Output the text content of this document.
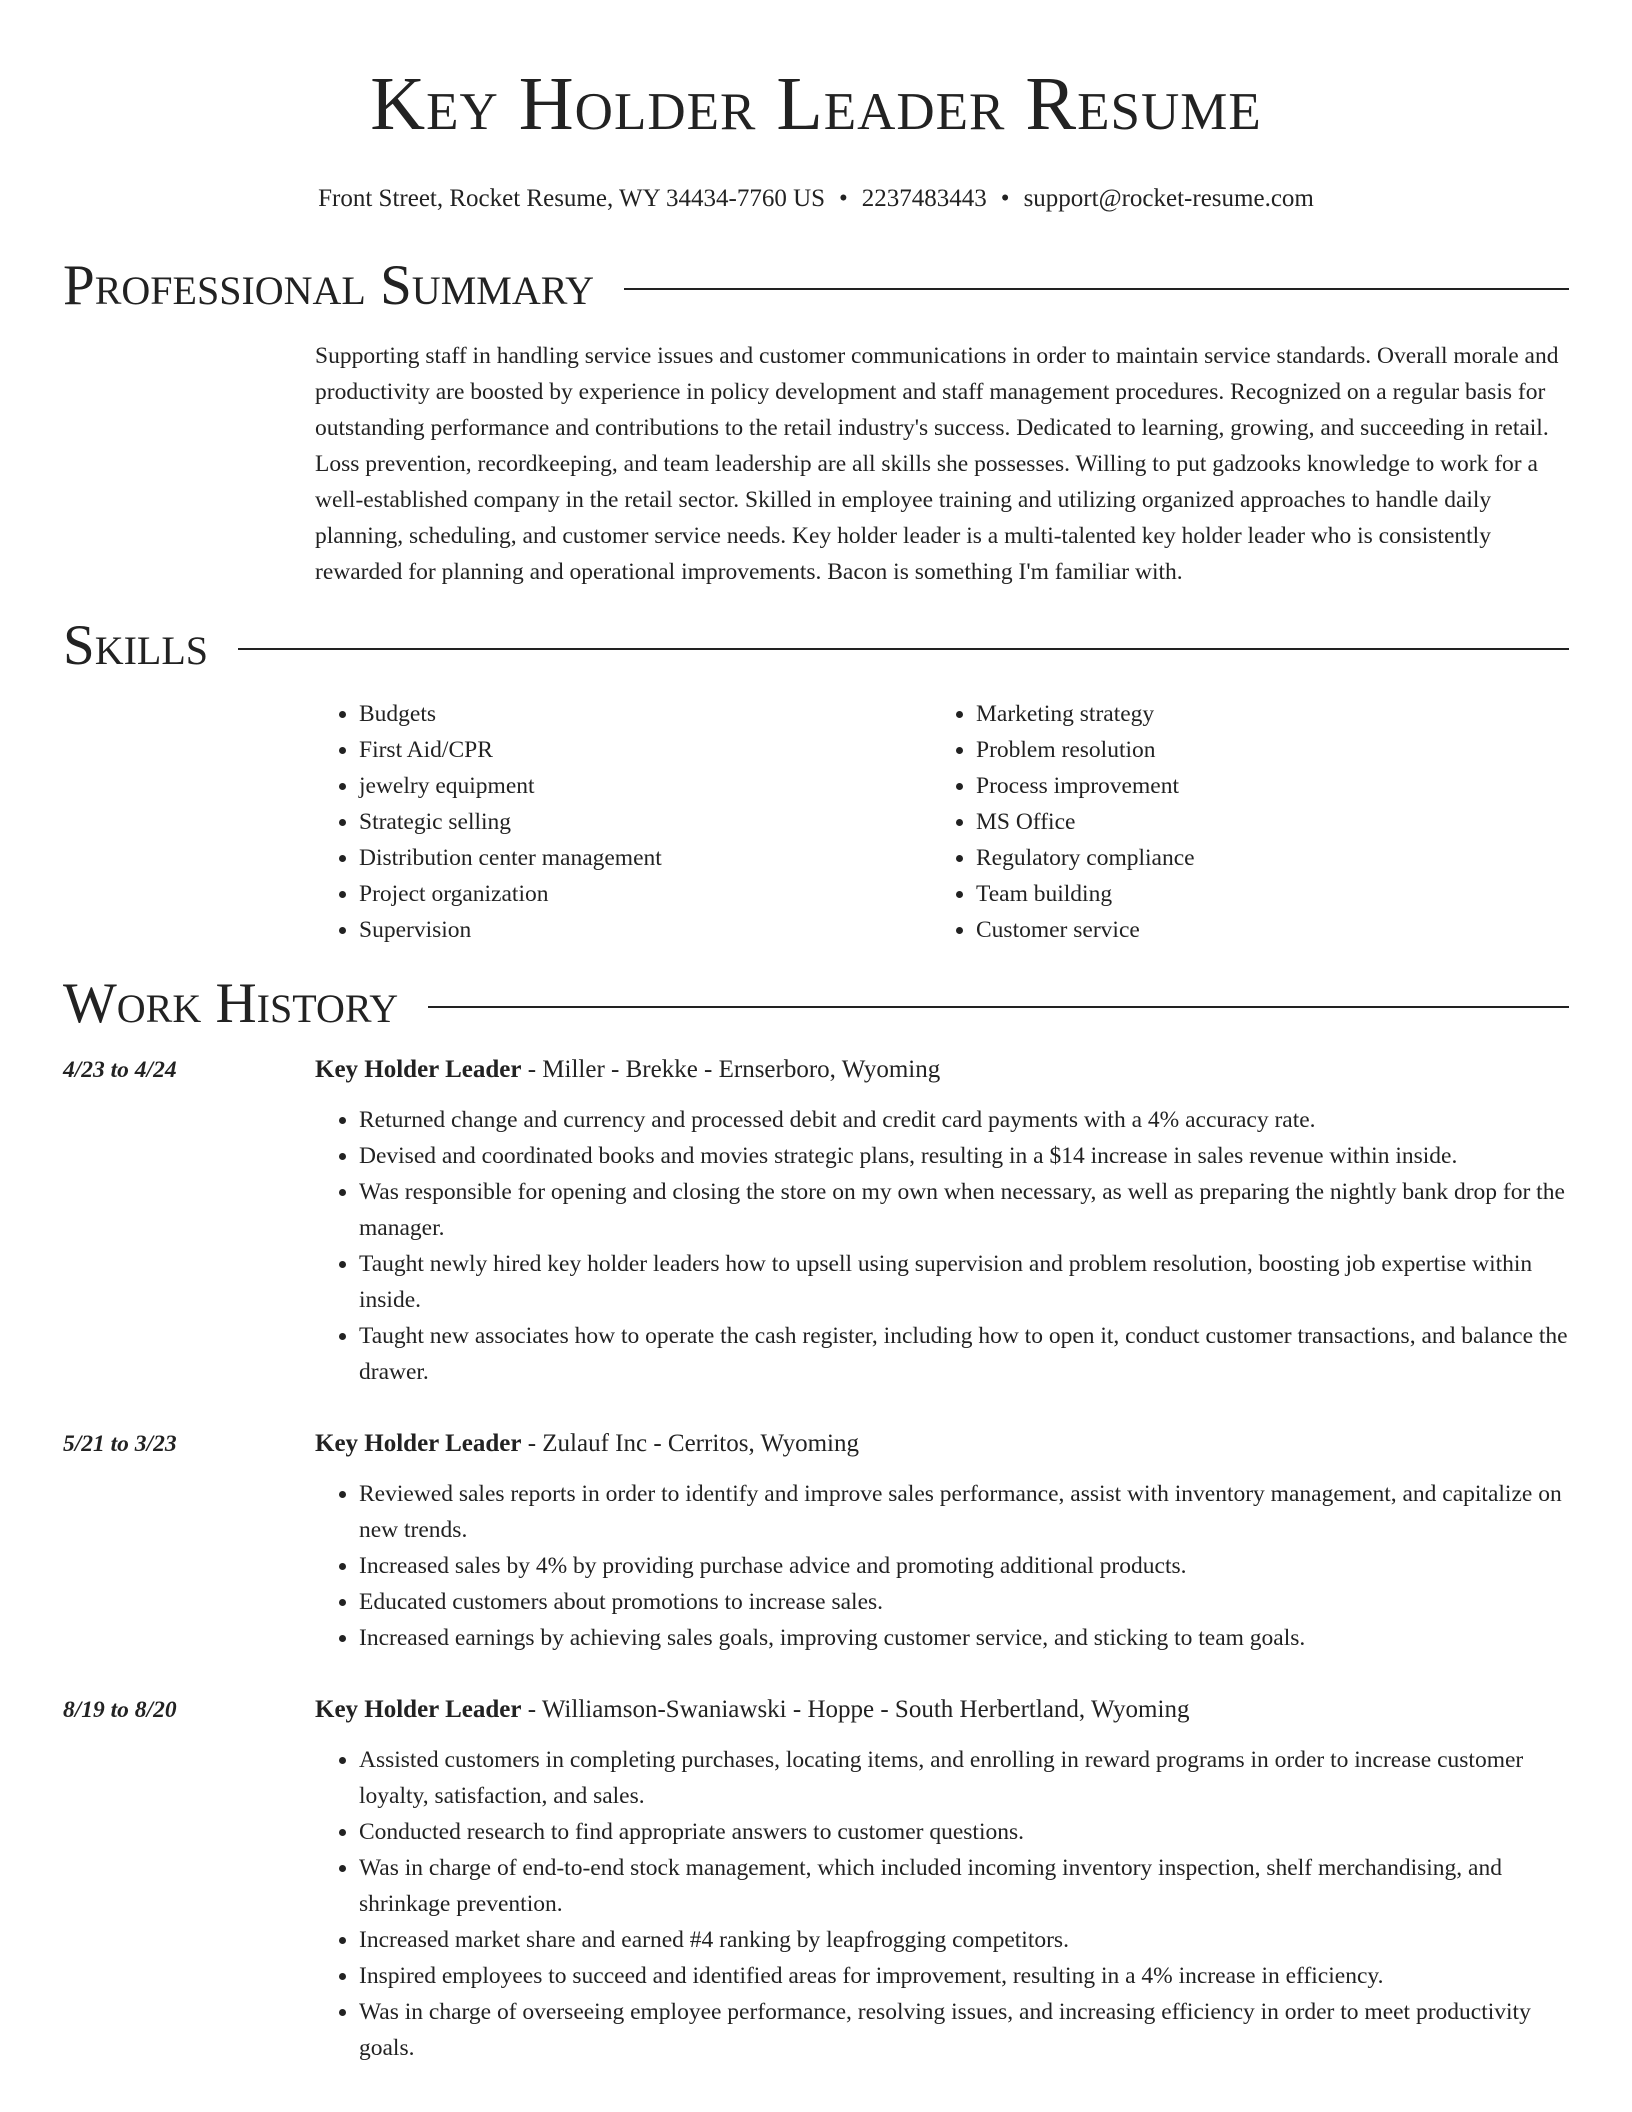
Key Holder Leader Resume
Front Street, Rocket Resume, WY 34434-7760 US • 2237483443 • support@rocket-resume.com
Professional Summary
Supporting staff in handling service issues and customer communications in order to maintain service standards. Overall morale and productivity are boosted by experience in policy development and staff management procedures. Recognized on a regular basis for outstanding performance and contributions to the retail industry's success. Dedicated to learning, growing, and succeeding in retail. Loss prevention, recordkeeping, and team leadership are all skills she possesses. Willing to put gadzooks knowledge to work for a well-established company in the retail sector. Skilled in employee training and utilizing organized approaches to handle daily planning, scheduling, and customer service needs. Key holder leader is a multi-talented key holder leader who is consistently rewarded for planning and operational improvements. Bacon is something I'm familiar with.
Skills
• Budgets
• First Aid/CPR
• jewelry equipment
• Strategic selling
• Distribution center management
• Project organization
• Supervision
• Marketing strategy
• Problem resolution
• Process improvement
• MS Office
• Regulatory compliance
• Team building
• Customer service
Work History
4/23 to 4/24	Key Holder Leader - Miller - Brekke - Ernserboro, Wyoming
• Returned change and currency and processed debit and credit card payments with a 4% accuracy rate.
• Devised and coordinated books and movies strategic plans, resulting in a $14 increase in sales revenue within inside.
• Was responsible for opening and closing the store on my own when necessary, as well as preparing the nightly bank drop for the manager.
• Taught newly hired key holder leaders how to upsell using supervision and problem resolution, boosting job expertise within inside.
• Taught new associates how to operate the cash register, including how to open it, conduct customer transactions, and balance the drawer.
5/21 to 3/23	Key Holder Leader - Zulauf Inc - Cerritos, Wyoming
• Reviewed sales reports in order to identify and improve sales performance, assist with inventory management, and capitalize on new trends.
• Increased sales by 4% by providing purchase advice and promoting additional products.
• Educated customers about promotions to increase sales.
• Increased earnings by achieving sales goals, improving customer service, and sticking to team goals.
8/19 to 8/20	Key Holder Leader - Williamson-Swaniawski - Hoppe - South Herbertland, Wyoming
• Assisted customers in completing purchases, locating items, and enrolling in reward programs in order to increase customer loyalty, satisfaction, and sales.
• Conducted research to find appropriate answers to customer questions.
• Was in charge of end-to-end stock management, which included incoming inventory inspection, shelf merchandising, and shrinkage prevention.
• Increased market share and earned #4 ranking by leapfrogging competitors.
• Inspired employees to succeed and identified areas for improvement, resulting in a 4% increase in efficiency.
• Was in charge of overseeing employee performance, resolving issues, and increasing efficiency in order to meet productivity goals.
